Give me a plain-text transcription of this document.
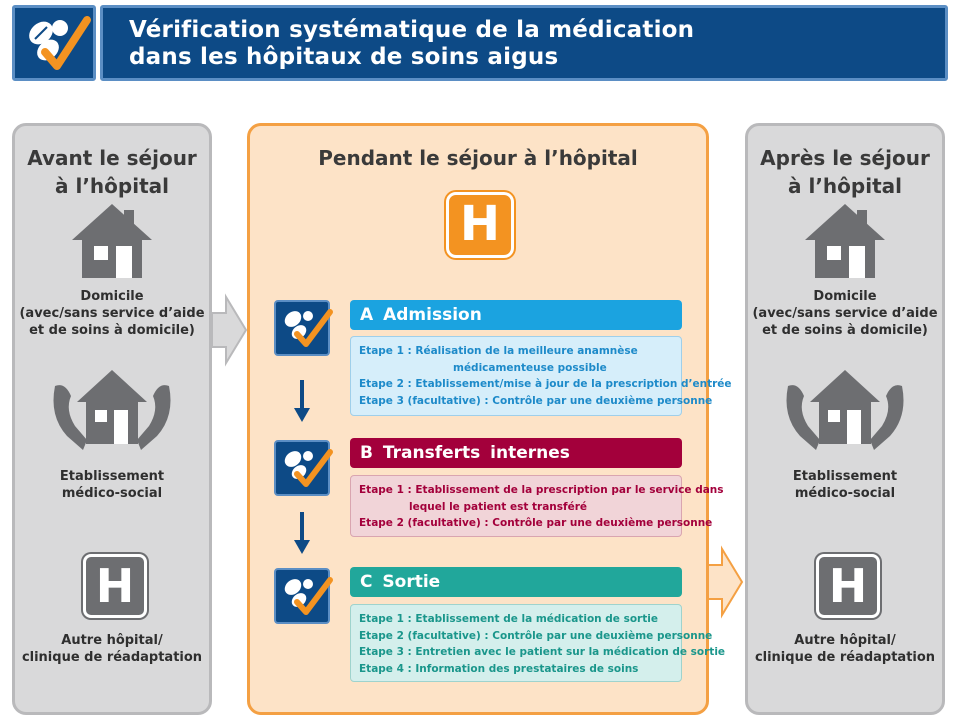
Vérification systématique de la médication
dans les hôpitaux de soins aigus
Avant le séjour
à l’hôpital
Domicile
(avec/sans service d’aide
et de soins à domicile)
Etablissement
médico-social
H
Autre hôpital/
clinique de réadaptation
Pendant le séjour à l’hôpital
H
A Admission
Etape 1 : Réalisation de la meilleure anamnèse
médicamenteuse possible
Etape 2 : Etablissement/mise à jour de la prescription d’entrée
Etape 3 (facultative) : Contrôle par une deuxième personne
B Transferts internes
Etape 1 : Etablissement de la prescription par le service dans
lequel le patient est transféré
Etape 2 (facultative) : Contrôle par une deuxième personne
C Sortie
Etape 1 : Etablissement de la médication de sortie
Etape 2 (facultative) : Contrôle par une deuxième personne
Etape 3 : Entretien avec le patient sur la médication de sortie
Etape 4 : Information des prestataires de soins
Après le séjour
à l’hôpital
Domicile
(avec/sans service d’aide
et de soins à domicile)
Etablissement
médico-social
H
Autre hôpital/
clinique de réadaptation
